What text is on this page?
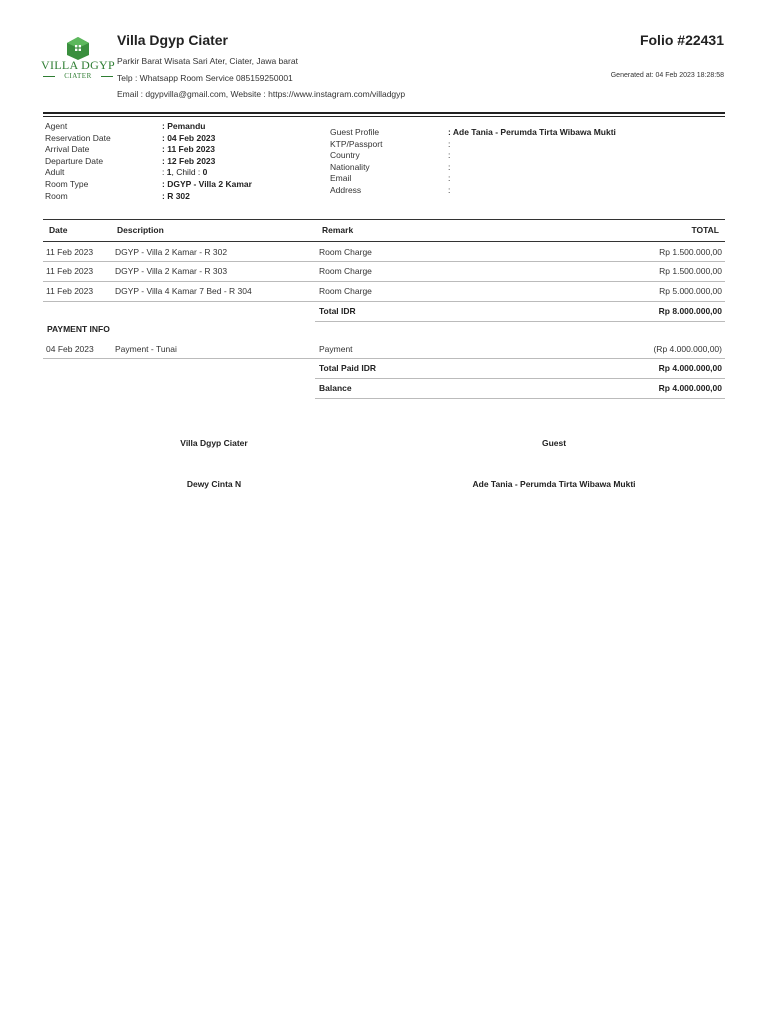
VILLA DGYP
CIATER
Villa Dgyp Ciater	Folio #22431
Parkir Barat Wisata Sari Ater, Ciater, Jawa barat
Telp : Whatsapp Room Service 085159250001
Email : dgypvilla@gmail.com, Website : https://www.instagram.com/villadgyp
Generated at: 04 Feb 2023 18:28:58
Agent	: Pemandu
Reservation Date	: 04 Feb 2023
Arrival Date	: 11 Feb 2023
Departure Date	: 12 Feb 2023
Adult	: 1, Child : 0
Room Type	: DGYP - Villa 2 Kamar
Room	: R 302
Guest Profile	: Ade Tania - Perumda Tirta Wibawa Mukti
KTP/Passport	:
Country	:
Nationality	:
Email	:
Address	:
Date	Description	Remark	TOTAL
11 Feb 2023	DGYP - Villa 2 Kamar - R 302	Room Charge	Rp 1.500.000,00
11 Feb 2023	DGYP - Villa 2 Kamar - R 303	Room Charge	Rp 1.500.000,00
11 Feb 2023	DGYP - Villa 4 Kamar 7 Bed - R 304	Room Charge	Rp 5.000.000,00
Total IDR	Rp 8.000.000,00
PAYMENT INFO
04 Feb 2023	Payment - Tunai	Payment	(Rp 4.000.000,00)
Total Paid IDR	Rp 4.000.000,00
Balance	Rp 4.000.000,00
Villa Dgyp Ciater	Guest
Dewy Cinta N	Ade Tania - Perumda Tirta Wibawa Mukti
